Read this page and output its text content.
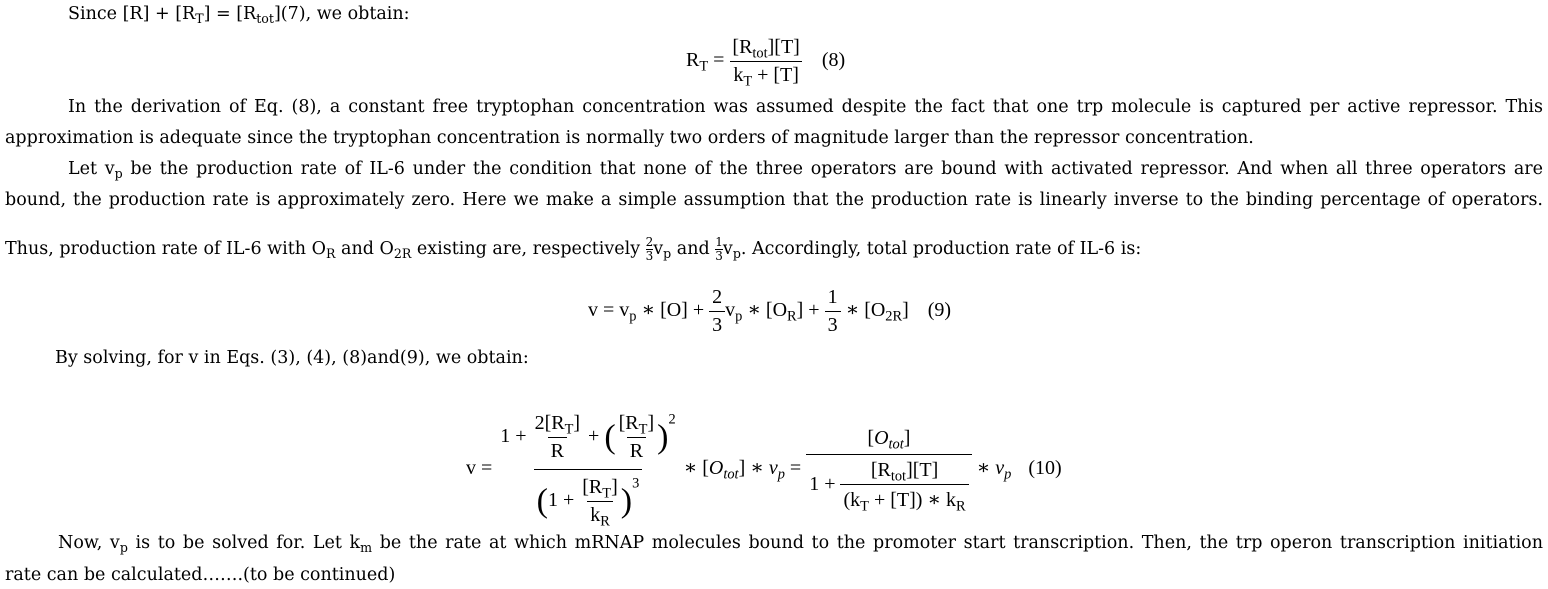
Since $[R] + [R_T] = [R_{tot}](7)$, we obtain:
$R_T = \frac{[R_{tot}][T]}{k_T + [T]} (8)$
In the derivation of Eq. (8), a constant free tryptophan concentration was assumed despite the fact that one trp molecule is captured per active repressor. This
approximation is adequate since the tryptophan concentration is normally two orders of magnitude larger than the repressor concentration.
Let $v_p$ be the production rate of IL-6 under the condition that none of the three operators are bound with activated repressor. And when all three operators are
bound, the production rate is approximately zero. Here we make a simple assumption that the production rate is linearly inverse to the binding percentage of operators.
Thus, production rate of IL-6 with $O_R$ and $O_{2R}$ existing are, respectively $\frac{2}{3} v_p$ and $\frac{1}{3} v_p$. Accordingly, total production rate of IL-6 is:
$v = v_p$ ∗ $[O] + \frac{2}{3} v_p$ ∗ $[O_R] + \frac{1}{3}$ ∗ $[O_{2R}]$ (9)
By solving, for v in Eqs. (3), (4), (8)and(9), we obtain:
$v = \frac{1 + \frac{2[R_T]}{R} + ( \frac{[R_T]}{R} )^2}{(1 + \frac{[R_T]}{k_R} )^3}$ ∗ $[O_{tot}]$ ∗ $v_p = \frac{[O_{tot}]}{1 + \frac{[R_{tot}][T]}{(k_T + [T]) ∗ k_R}}$ ∗ $v_p$ (10)
Now, $v_p$ is to be solved for. Let $k_m$ be the rate at which mRNAP molecules bound to the promoter start transcription. Then, the trp operon transcription initiation
rate can be calculated…….(to be continued)
